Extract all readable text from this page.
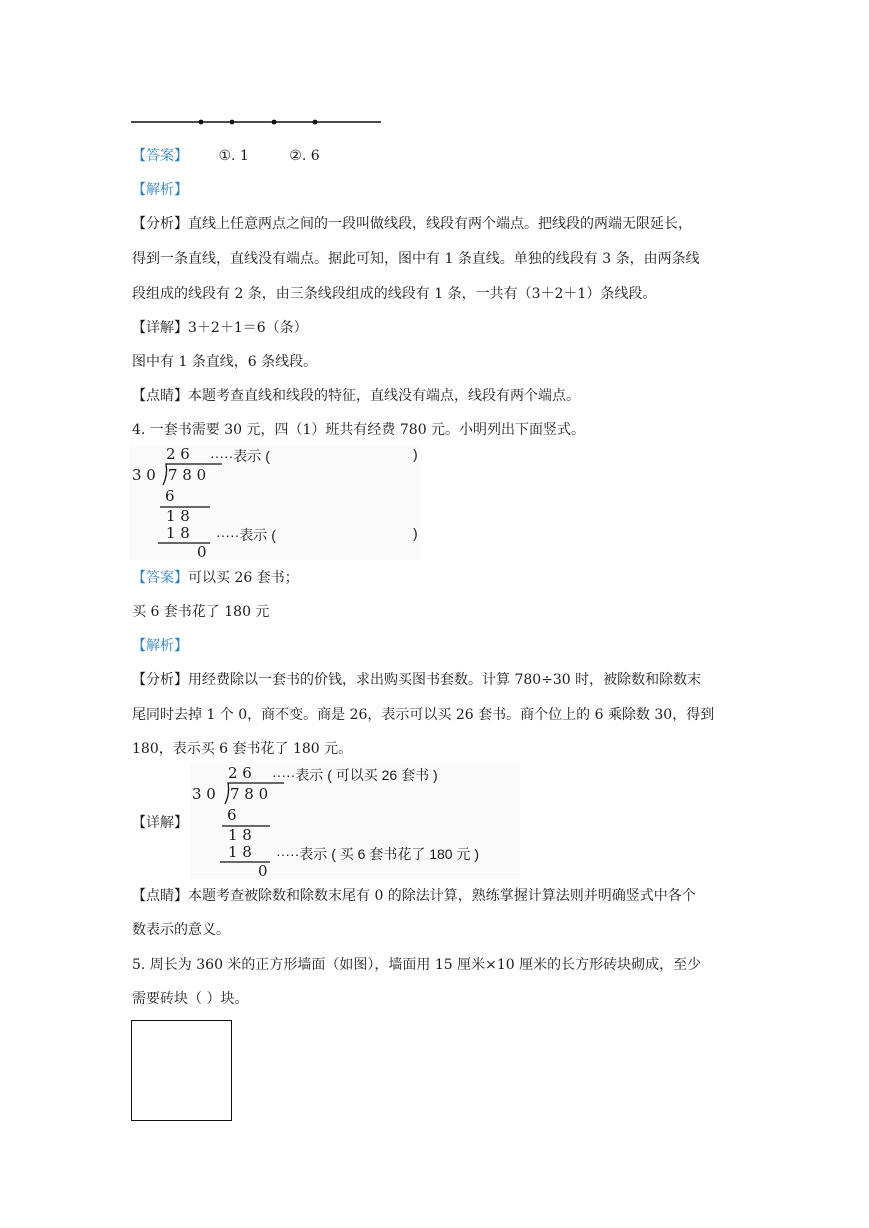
【答案】 ①. 1	②. 6
【解析】
【分析】直线上任意两点之间的一段叫做线段，线段有两个端点。把线段的两端无限延长，
得到一条直线，直线没有端点。据此可知，图中有 1 条直线。单独的线段有 3 条，由两条线
段组成的线段有 2 条，由三条线段组成的线段有 1 条，一共有（3＋2＋1）条线段。
【详解】3＋2＋1＝6（条）
图中有 1 条直线，6 条线段。
【点睛】本题考查直线和线段的特征，直线没有端点，线段有两个端点。
4. 一套书需要 30 元，四（1）班共有经费 780 元。小明列出下面竖式。
2 6 ·····表示 (	)
3 0 7 8 0
6
1 8
1 8 ·····表示 (	)
0
【答案】可以买 26 套书；
买 6 套书花了 180 元
【解析】
【分析】用经费除以一套书的价钱，求出购买图书套数。计算 780÷30 时，被除数和除数末
尾同时去掉 1 个 0，商不变。商是 26，表示可以买 26 套书。商个位上的 6 乘除数 30，得到
180，表示买 6 套书花了 180 元。
【详解】
2 6 ·····表示 ( 可以买 26 套书 )
3 0 7 8 0
6
1 8
1 8 ·····表示 ( 买 6 套书花了 180 元 )
0
【点睛】本题考查被除数和除数末尾有 0 的除法计算，熟练掌握计算法则并明确竖式中各个
数表示的意义。
5. 周长为 360 米的正方形墙面（如图），墙面用 15 厘米×10 厘米的长方形砖块砌成，至少
需要砖块（ ）块。
